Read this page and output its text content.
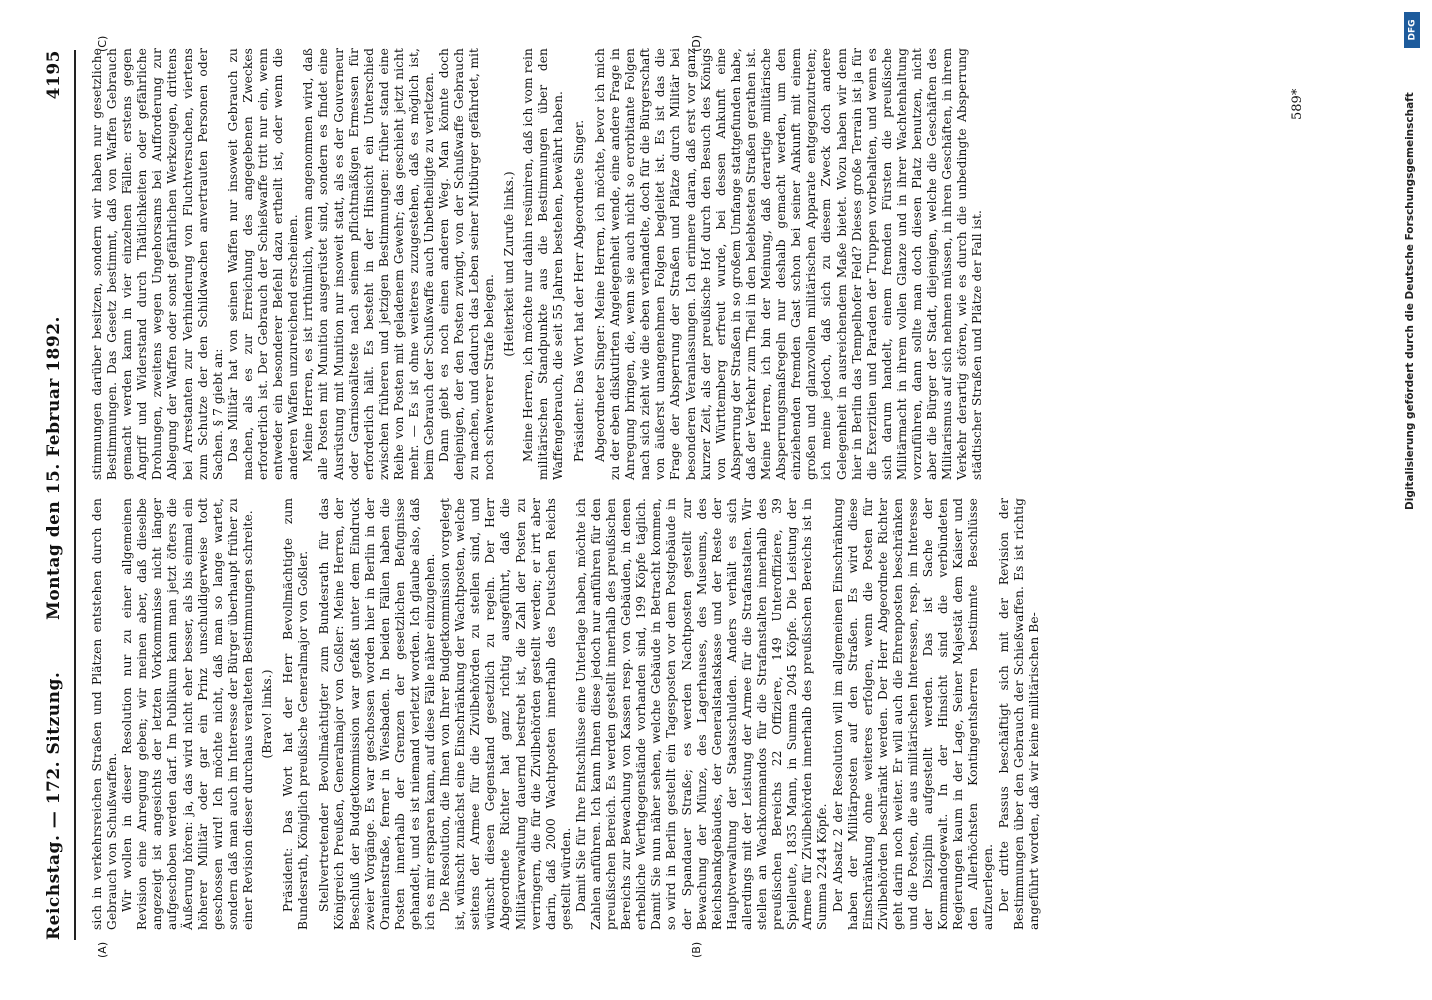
Reichstag. — 172. Sitzung.
Montag den 15. Februar 1892.
4195
(A)	(B)
(C)	(D)

sich in verkehrsreichen Straßen und Plätzen entstehen durch den Gebrauch von Schußwaffen. Wir wollen in dieser Resolution nur zu einer allgemeinen Revision eine Anregung geben; wir meinen aber, daß dieselbe angezeigt ist angesichts der letzten Vorkommnisse nicht länger aufgeschoben werden darf. Im Publikum kann man jetzt öfters die Äußerung hören: ja, das wird nicht eher besser, als bis einmal ein höherer Militär oder gar ein Prinz unschuldigerweise todt geschossen wird! Ich möchte nicht, daß man so lange wartet, sondern daß man auch im Interesse der Bürger überhaupt früher zu einer Revision dieser durchaus veralteten Bestimmungen schreite. (Bravo! links.) Präsident: Das Wort hat der Herr Bevollmächtigte zum Bundesrath, Königlich preußische Generalmajor von Goßler. Stellvertretender Bevollmächtigter zum Bundesrath für das Königreich Preußen, Generalmajor von Goßler: Meine Herren, der Beschluß der Budgetkommission war gefaßt unter dem Eindruck zweier Vorgänge. Es war geschossen worden hier in Berlin in der Oranienstraße, ferner in Wiesbaden. In beiden Fällen haben die Posten innerhalb der Grenzen der gesetzlichen Befugnisse gehandelt, und es ist niemand verletzt worden. Ich glaube also, daß ich es mir ersparen kann, auf diese Fälle näher einzugehen. Die Resolution, die Ihnen von Ihrer Budgetkommission vorgelegt ist, wünscht zunächst eine Einschränkung der Wachtposten, welche seitens der Armee für die Zivilbehörden zu stellen sind, und wünscht diesen Gegenstand gesetzlich zu regeln. Der Herr Abgeordnete Richter hat ganz richtig ausgeführt, daß die Militärverwaltung dauernd bestrebt ist, die Zahl der Posten zu verringern, die für die Zivilbehörden gestellt werden; er irrt aber darin, daß 2000 Wachtposten innerhalb des Deutschen Reichs gestellt würden. Damit Sie für Ihre Entschlüsse eine Unterlage haben, möchte ich Zahlen anführen. Ich kann Ihnen diese jedoch nur anführen für den preußischen Bereich. Es werden gestellt innerhalb des preußischen Bereichs zur Bewachung von Kassen resp. von Gebäuden, in denen erhebliche Werthgegenstände vorhanden sind, 199 Köpfe täglich. Damit Sie nun näher sehen, welche Gebäude in Betracht kommen, so wird in Berlin gestellt ein Tagesposten vor dem Postgebäude in der Spandauer Straße; es werden Nachtposten gestellt zur Bewachung der Münze, des Lagerhauses, des Museums, des Reichsbankgebäudes, der Generalstaatskasse und der Reste der Hauptverwaltung der Staatsschulden. Anders verhält es sich allerdings mit der Leistung der Armee für die Strafanstalten. Wir stellen an Wachkommandos für die Strafanstalten innerhalb des preußischen Bereichs 22 Offiziere, 149 Unteroffiziere, 39 Spielleute, 1835 Mann, in Summa 2045 Köpfe. Die Leistung der Armee für Zivilbehörden innerhalb des preußischen Bereichs ist in Summa 2244 Köpfe. Der Absatz 2 der Resolution will im allgemeinen Einschränkung haben der Militärposten auf den Straßen. Es wird diese Einschränkung ohne weiteres erfolgen, wenn die Posten für Zivilbehörden beschränkt werden. Der Herr Abgeordnete Richter geht darin noch weiter. Er will auch die Ehrenposten beschränken und die Posten, die aus militärischen Interessen, resp. im Interesse der Disziplin aufgestellt werden. Das ist Sache der Kommandogewalt. In der Hinsicht sind die verbündeten Regierungen kaum in der Lage, Seiner Majestät dem Kaiser und den Allerhöchsten Kontingentsherren bestimmte Beschlüsse aufzuerlegen. Der dritte Passus beschäftigt sich mit der Revision der Bestimmungen über den Gebrauch der Schießwaffen. Es ist richtig angeführt worden, daß wir keine militärischen Be-

stimmungen darüber besitzen, sondern wir haben nur gesetzliche Bestimmungen. Das Gesetz bestimmt, daß von Waffen Gebrauch gemacht werden kann in vier einzelnen Fällen: erstens gegen Angriff und Widerstand durch Thätlichkeiten oder gefährliche Drohungen, zweitens wegen Ungehorsams bei Aufforderung zur Ablegung der Waffen oder sonst gefährlichen Werkzeugen, drittens bei Arrestanten zur Verhinderung von Fluchtversuchen, viertens zum Schutze der den Schildwachen anvertrauten Personen oder Sachen. § 7 giebt an: Das Militär hat von seinen Waffen nur insoweit Gebrauch zu machen, als es zur Erreichung des angegebenen Zweckes erforderlich ist. Der Gebrauch der Schießwaffe tritt nur ein, wenn entweder ein besonderer Befehl dazu ertheilt ist, oder wenn die anderen Waffen unzureichend erscheinen. Meine Herren, es ist irrthümlich, wenn angenommen wird, daß alle Posten mit Munition ausgerüstet sind, sondern es findet eine Ausrüstung mit Munition nur insoweit statt, als es der Gouverneur oder Garnisonälteste nach seinem pflichtmäßigen Ermessen für erforderlich hält. Es besteht in der Hinsicht ein Unterschied zwischen früheren und jetzigen Bestimmungen: früher stand eine Reihe von Posten mit geladenem Gewehr; das geschieht jetzt nicht mehr. — Es ist ohne weiteres zuzugestehen, daß es möglich ist, beim Gebrauch der Schußwaffe auch Unbetheiligte zu verletzen. Dann giebt es noch einen anderen Weg. Man könnte doch denjenigen, der den Posten zwingt, von der Schußwaffe Gebrauch zu machen, und dadurch das Leben seiner Mitbürger gefährdet, mit noch schwererer Strafe belegen.

(Heiterkeit und Zurufe links.) Meine Herren, ich möchte nur dahin resümiren, daß ich vom rein militärischen Standpunkte aus die Bestimmungen über den Waffengebrauch, die seit 55 Jahren bestehen, bewährt haben. Präsident: Das Wort hat der Herr Abgeordnete Singer. Abgeordneter Singer: Meine Herren, ich möchte, bevor ich mich zu der eben diskutirten Angelegenheit wende, eine andere Frage in Anregung bringen, die, wenn sie auch nicht so erorbitante Folgen nach sich zieht wie die eben verhandelte, doch für die Bürgerschaft von äußerst unangenehmen Folgen begleitet ist. Es ist das die Frage der Absperrung der Straßen und Plätze durch Militär bei besonderen Veranlassungen. Ich erinnere daran, daß erst vor ganz kurzer Zeit, als der preußische Hof durch den Besuch des Königs von Württemberg erfreut wurde, bei dessen Ankunft eine Absperrung der Straßen in so großem Umfange stattgefunden habe, daß der Verkehr zum Theil in den belebtesten Straßen gerathen ist. Meine Herren, ich bin der Meinung, daß derartige militärische Absperrungsmaßregeln nur deshalb gemacht werden, um den einziehenden fremden Gast schon bei seiner Ankunft mit einem großen und glanzvollen militärischen Apparate entgegenzutreten; ich meine jedoch, daß sich zu diesem Zweck doch andere Gelegenheit in ausreichendem Maße bietet. Wozu haben wir denn hier in Berlin das Tempelhofer Feld? Dieses große Terrain ist ja für die Exerzitien und Paraden der Truppen vorbehalten, und wenn es sich darum handelt, einem fremden Fürsten die preußische Militärmacht in ihrem vollen Glanze und in ihrer Wachtenhaltung vorzuführen, dann sollte man doch diesen Platz benutzen, nicht aber die Bürger der Stadt, diejenigen, welche die Geschäften des Militarismus auf sich nehmen müssen, in ihren Geschäften, in ihrem Verkehr derartig stören, wie es durch die unbedingte Absperrung städtischer Straßen und Plätze der Fall ist.

589*
DFG
Digitalisierung gefördert durch die Deutsche Forschungsgemeinschaft
